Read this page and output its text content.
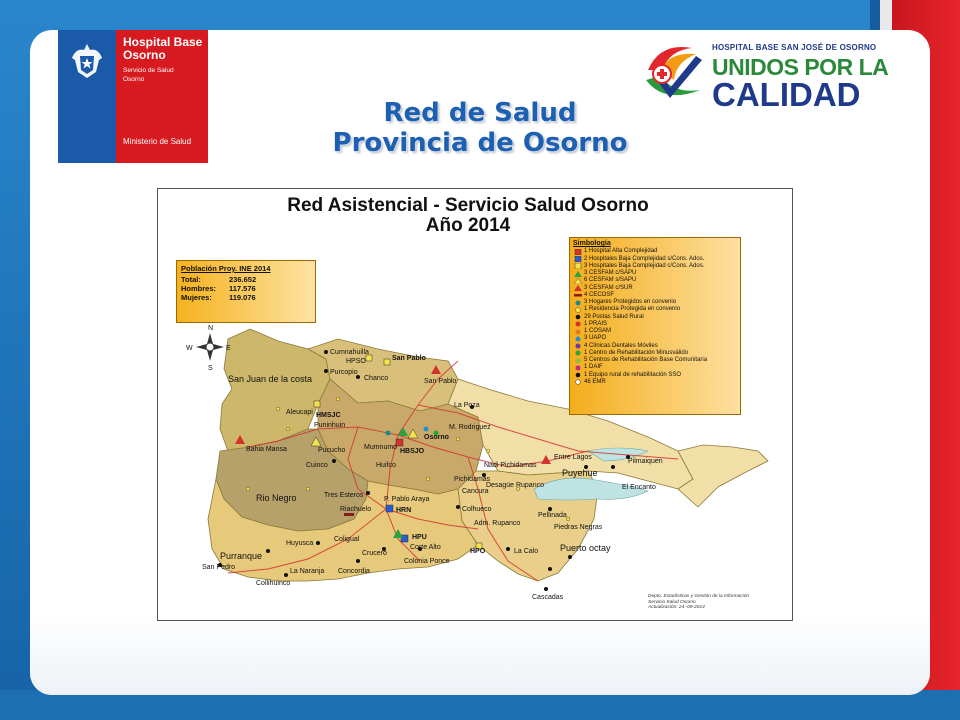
Hospital Base Osorno
Servicio de Salud
Osorno
Ministerio de Salud
HOSPITAL BASE SAN JOSÉ DE OSORNO
UNIDOS POR LA
CALIDAD
Red de Salud
Provincia de Osorno
N
S
E
W
Cumnahuilla
HPSO	San Pablo
Purcopio
Chanco	San Pablo
San Juan de la costa
La Poza
Aleucapi HMSJC
Puninhuin	M. Rodriguez
Osorno
Bahia Mansa	Pucucho	Mumnumo
HBSJO
Entre Lagos
Pilmaiquen
Nadi Pichidamas
Puyehue
Cuinco	Huifco
Desagüe Rupanco	El Encanto
Pichidamas
Cancura
Rio Negro	Tres Esteros
P. Pablo Araya
Riachuelo	HRN	Colhueco
Pellinada
Piedras Negras
Adm. Rupanco
HPU
Huyusca
Coligual
Corte Alto
HPO	La Calo Puerto octay
Purranque	Crucero
Concordia
Colonia Ponce
San Pedro
La Naranja
Collihuinco
Cascadas
Red Asistencial - Servicio Salud Osorno
Año 2014
Población Proy. INE 2014
Total:	236.652
Hombres:	117.576
Mujeres:	119.076
Simbología
1 Hospital Alta Complejidad
2 Hospitales Baja Complejidad s/Cons. Ados.
3 Hospitales Baja Complejidad c/Cons. Ados.
3 CESFAM c/SAPU
6 CESFAM s/SAPU
3 CESFAM c/SUR
4 CECOSF
3 Hogares Protegidos en convenio
1 Residencia Protegida en convenio
29 Postas Salud Rural
1 PRAIS
1 COSAM
3 UAPO
4 Clínicas Dentales Móviles
1 Centro de Rehabilitación Minusválido
5 Centros de Rehabilitación Base Comunitaria
1 DAIF
1 Equipo rural de rehabilitación SSO
46 EMR
Depto. Estadísticas y Gestión de la Información
Servicio Salud Osorno
Actualización: 24 -09-2014
